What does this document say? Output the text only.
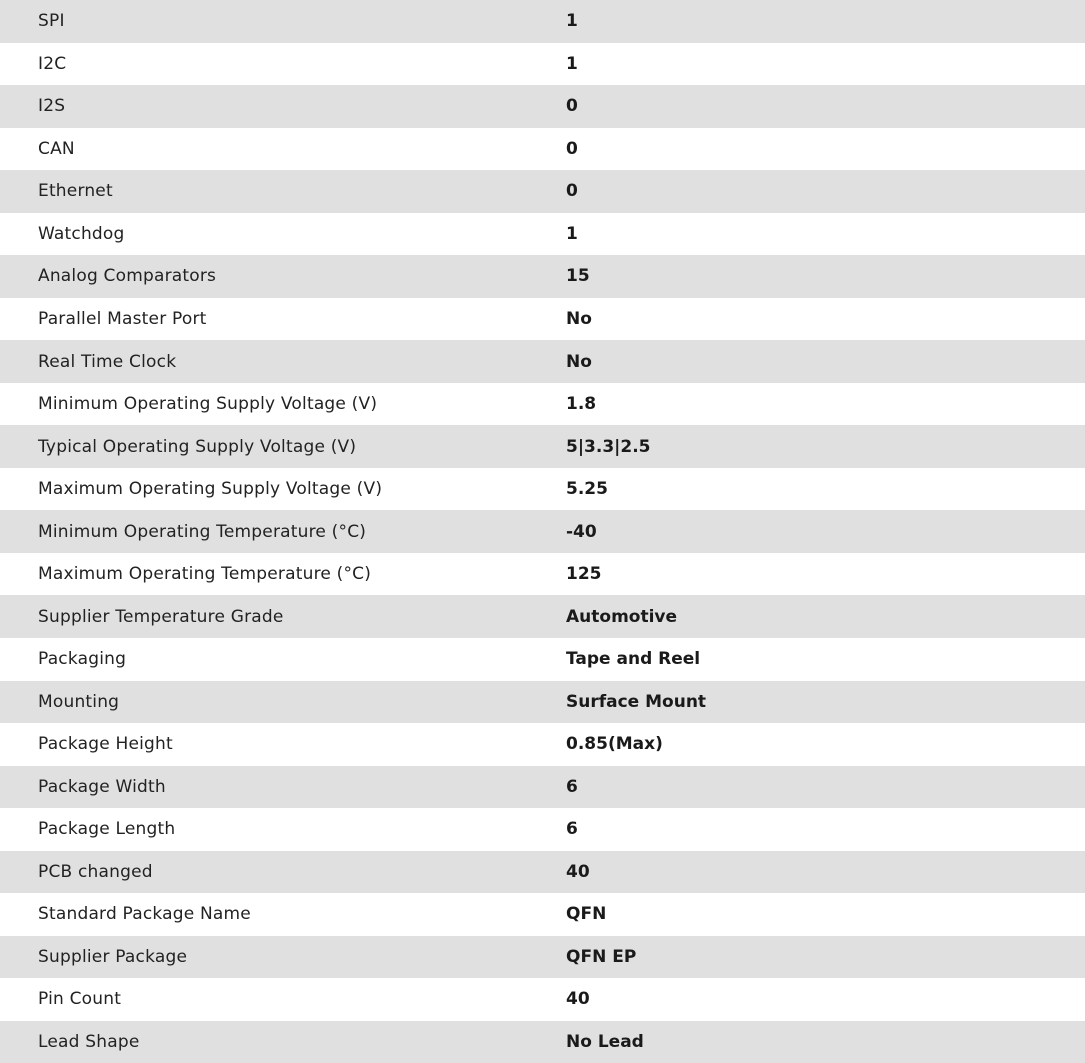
SPI	1
I2C	1
I2S	0
CAN	0
Ethernet	0
Watchdog	1
Analog Comparators	15
Parallel Master Port	No
Real Time Clock	No
Minimum Operating Supply Voltage (V)	1.8
Typical Operating Supply Voltage (V)	5|3.3|2.5
Maximum Operating Supply Voltage (V)	5.25
Minimum Operating Temperature (°C)	-40
Maximum Operating Temperature (°C)	125
Supplier Temperature Grade	Automotive
Packaging	Tape and Reel
Mounting	Surface Mount
Package Height	0.85(Max)
Package Width	6
Package Length	6
PCB changed	40
Standard Package Name	QFN
Supplier Package	QFN EP
Pin Count	40
Lead Shape	No Lead
